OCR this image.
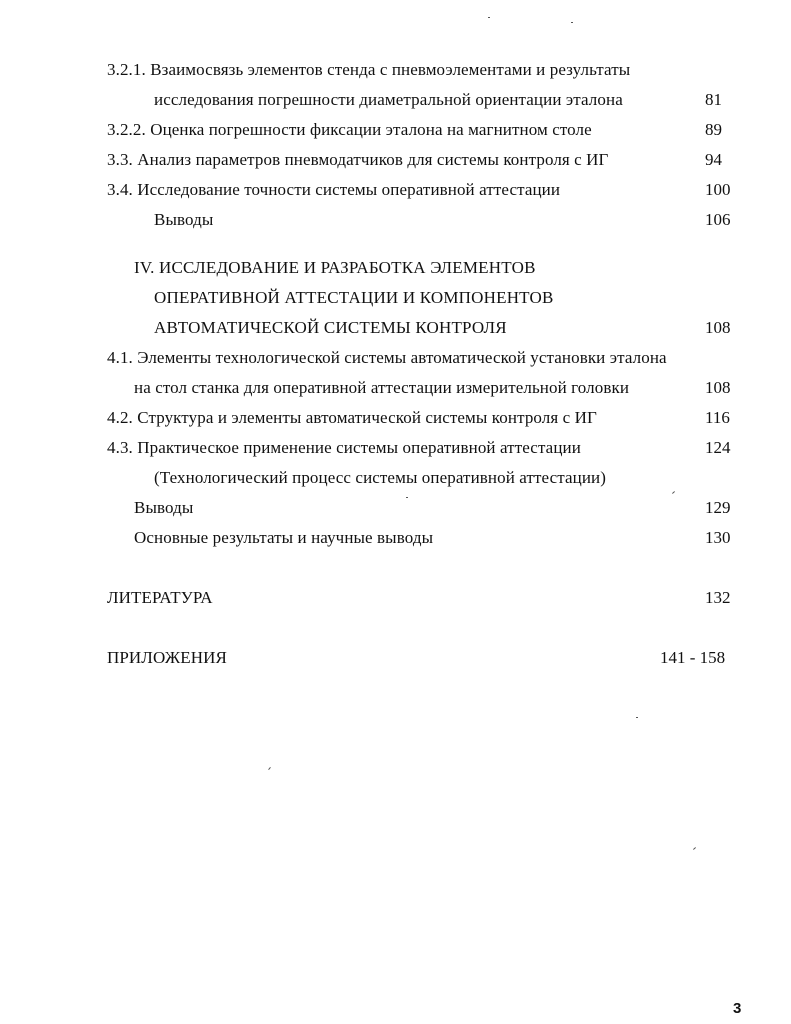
3.2.1. Взаимосвязь элементов стенда с пневмоэлементами и результаты
исследования погрешности диаметральной ориентации эталона	81
3.2.2. Оценка погрешности фиксации эталона на магнитном столе	89
3.3. Анализ параметров пневмодатчиков для системы контроля с ИГ	94
3.4. Исследование точности системы оперативной аттестации	100
Выводы	106
IV. ИССЛЕДОВАНИЕ И РАЗРАБОТКА ЭЛЕМЕНТОВ
ОПЕРАТИВНОЙ АТТЕСТАЦИИ И КОМПОНЕНТОВ
АВТОМАТИЧЕСКОЙ СИСТЕМЫ КОНТРОЛЯ	108
4.1. Элементы технологической системы автоматической установки эталона
на стол станка для оперативной аттестации измерительной головки	108
4.2. Структура и элементы автоматической системы контроля с ИГ	116
4.3. Практическое применение системы оперативной аттестации	124
(Технологический процесс системы оперативной аттестации)
Выводы	129
Основные результаты и научные выводы	130
ЛИТЕРАТУРА	132
ПРИЛОЖЕНИЯ	141 - 158
3
